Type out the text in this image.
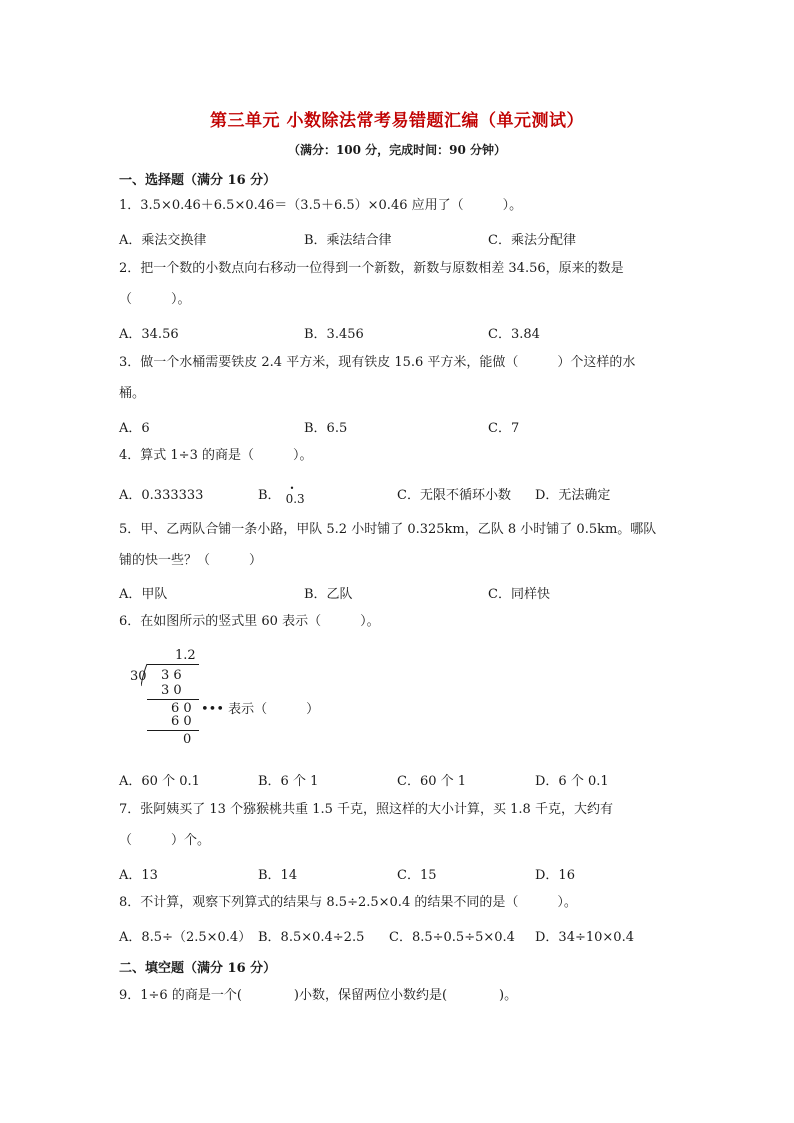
第三单元 小数除法常考易错题汇编（单元测试）
（满分：100 分，完成时间：90 分钟）
一、选择题（满分 16 分）
1．3.5×0.46＋6.5×0.46＝（3.5＋6.5）×0.46 应用了（　　　）。
A．乘法交换律	B．乘法结合律	C．乘法分配律
2．把一个数的小数点向右移动一位得到一个新数，新数与原数相差 34.56，原来的数是
（　　　）。
A．34.56	B．3.456	C．3.84
3．做一个水桶需要铁皮 2.4 平方米，现有铁皮 15.6 平方米，能做（　　　）个这样的水
桶。
A．6	B．6.5	C．7
4．算式 1÷3 的商是（　　　）。
A．0.333333	B． •
0.3	C．无限不循环小数 D．无法确定
5．甲、乙两队合铺一条小路，甲队 5.2 小时铺了 0.325km，乙队 8 小时铺了 0.5km。哪队
铺的快一些？（　　　）
A．甲队	B．乙队	C．同样快
6．在如图所示的竖式里 60 表示（　　　）。
1.2
30 3 6
3 0
6 0
6 0
••• 表示（　　　）
0
A．60 个 0.1	B．6 个 1	C．60 个 1	D．6 个 0.1
7．张阿姨买了 13 个猕猴桃共重 1.5 千克，照这样的大小计算，买 1.8 千克，大约有
（　　　）个。
A．13	B．14	C．15	D．16
8．不计算，观察下列算式的结果与 8.5÷2.5×0.4 的结果不同的是（　　　）。
A．8.5÷（2.5×0.4） B．8.5×0.4÷2.5 C．8.5÷0.5÷5×0.4 D．34÷10×0.4
二、填空题（满分 16 分）
9．1÷6 的商是一个(　　　　)小数，保留两位小数约是(　　　　)。
